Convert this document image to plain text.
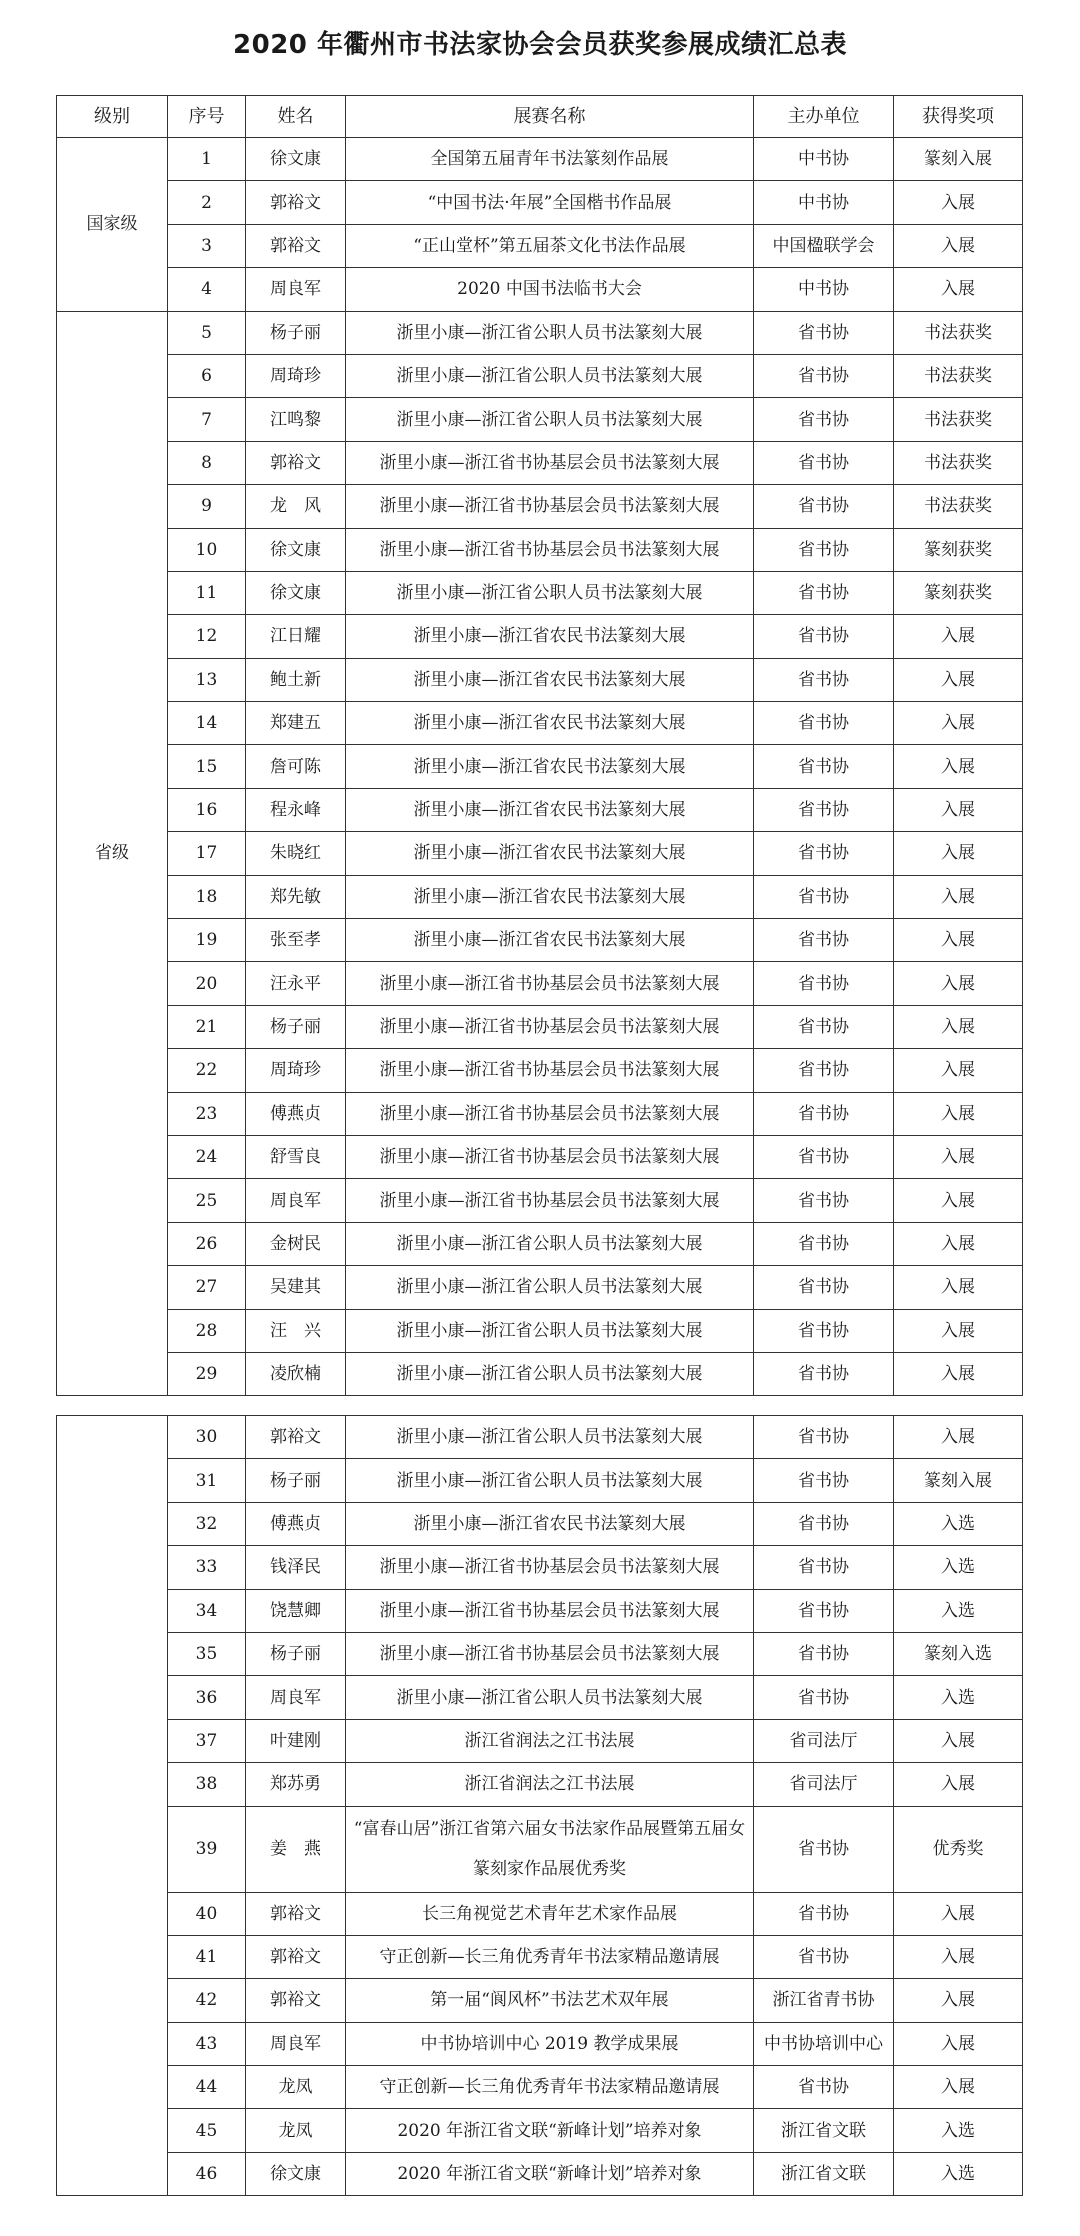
2020 年衢州市书法家协会会员获奖参展成绩汇总表
级别	序号	姓名	展赛名称	主办单位	获得奖项
国家级	1	徐文康	全国第五届青年书法篆刻作品展	中书协	篆刻入展
	2	郭裕文	“中国书法·年展”全国楷书作品展	中书协	入展
	3	郭裕文	“正山堂杯”第五届茶文化书法作品展	中国楹联学会	入展
	4	周良军	2020 中国书法临书大会	中书协	入展
省级	5	杨子丽	浙里小康—浙江省公职人员书法篆刻大展	省书协	书法获奖
	6	周琦珍	浙里小康—浙江省公职人员书法篆刻大展	省书协	书法获奖
	7	江鸣黎	浙里小康—浙江省公职人员书法篆刻大展	省书协	书法获奖
	8	郭裕文	浙里小康—浙江省书协基层会员书法篆刻大展	省书协	书法获奖
	9	龙　风	浙里小康—浙江省书协基层会员书法篆刻大展	省书协	书法获奖
	10	徐文康	浙里小康—浙江省书协基层会员书法篆刻大展	省书协	篆刻获奖
	11	徐文康	浙里小康—浙江省公职人员书法篆刻大展	省书协	篆刻获奖
	12	江日耀	浙里小康—浙江省农民书法篆刻大展	省书协	入展
	13	鲍土新	浙里小康—浙江省农民书法篆刻大展	省书协	入展
	14	郑建五	浙里小康—浙江省农民书法篆刻大展	省书协	入展
	15	詹可陈	浙里小康—浙江省农民书法篆刻大展	省书协	入展
	16	程永峰	浙里小康—浙江省农民书法篆刻大展	省书协	入展
	17	朱晓红	浙里小康—浙江省农民书法篆刻大展	省书协	入展
	18	郑先敏	浙里小康—浙江省农民书法篆刻大展	省书协	入展
	19	张至孝	浙里小康—浙江省农民书法篆刻大展	省书协	入展
	20	汪永平	浙里小康—浙江省书协基层会员书法篆刻大展	省书协	入展
	21	杨子丽	浙里小康—浙江省书协基层会员书法篆刻大展	省书协	入展
	22	周琦珍	浙里小康—浙江省书协基层会员书法篆刻大展	省书协	入展
	23	傅燕贞	浙里小康—浙江省书协基层会员书法篆刻大展	省书协	入展
	24	舒雪良	浙里小康—浙江省书协基层会员书法篆刻大展	省书协	入展
	25	周良军	浙里小康—浙江省书协基层会员书法篆刻大展	省书协	入展
	26	金树民	浙里小康—浙江省公职人员书法篆刻大展	省书协	入展
	27	吴建其	浙里小康—浙江省公职人员书法篆刻大展	省书协	入展
	28	汪　兴	浙里小康—浙江省公职人员书法篆刻大展	省书协	入展
	29	凌欣楠	浙里小康—浙江省公职人员书法篆刻大展	省书协	入展
	30	郭裕文	浙里小康—浙江省公职人员书法篆刻大展	省书协	入展
	31	杨子丽	浙里小康—浙江省公职人员书法篆刻大展	省书协	篆刻入展
	32	傅燕贞	浙里小康—浙江省农民书法篆刻大展	省书协	入选
	33	钱泽民	浙里小康—浙江省书协基层会员书法篆刻大展	省书协	入选
	34	饶慧卿	浙里小康—浙江省书协基层会员书法篆刻大展	省书协	入选
	35	杨子丽	浙里小康—浙江省书协基层会员书法篆刻大展	省书协	篆刻入选
	36	周良军	浙里小康—浙江省公职人员书法篆刻大展	省书协	入选
	37	叶建刚	浙江省润法之江书法展	省司法厅	入展
	38	郑苏勇	浙江省润法之江书法展	省司法厅	入展
	39	姜　燕	“富春山居”浙江省第六届女书法家作品展暨第五届女篆刻家作品展优秀奖	省书协	优秀奖
	40	郭裕文	长三角视觉艺术青年艺术家作品展	省书协	入展
	41	郭裕文	守正创新—长三角优秀青年书法家精品邀请展	省书协	入展
	42	郭裕文	第一届“阆风杯”书法艺术双年展	浙江省青书协	入展
	43	周良军	中书协培训中心 2019 教学成果展	中书协培训中心	入展
	44	龙凤	守正创新—长三角优秀青年书法家精品邀请展	省书协	入展
	45	龙凤	2020 年浙江省文联“新峰计划”培养对象	浙江省文联	入选
	46	徐文康	2020 年浙江省文联“新峰计划”培养对象	浙江省文联	入选
